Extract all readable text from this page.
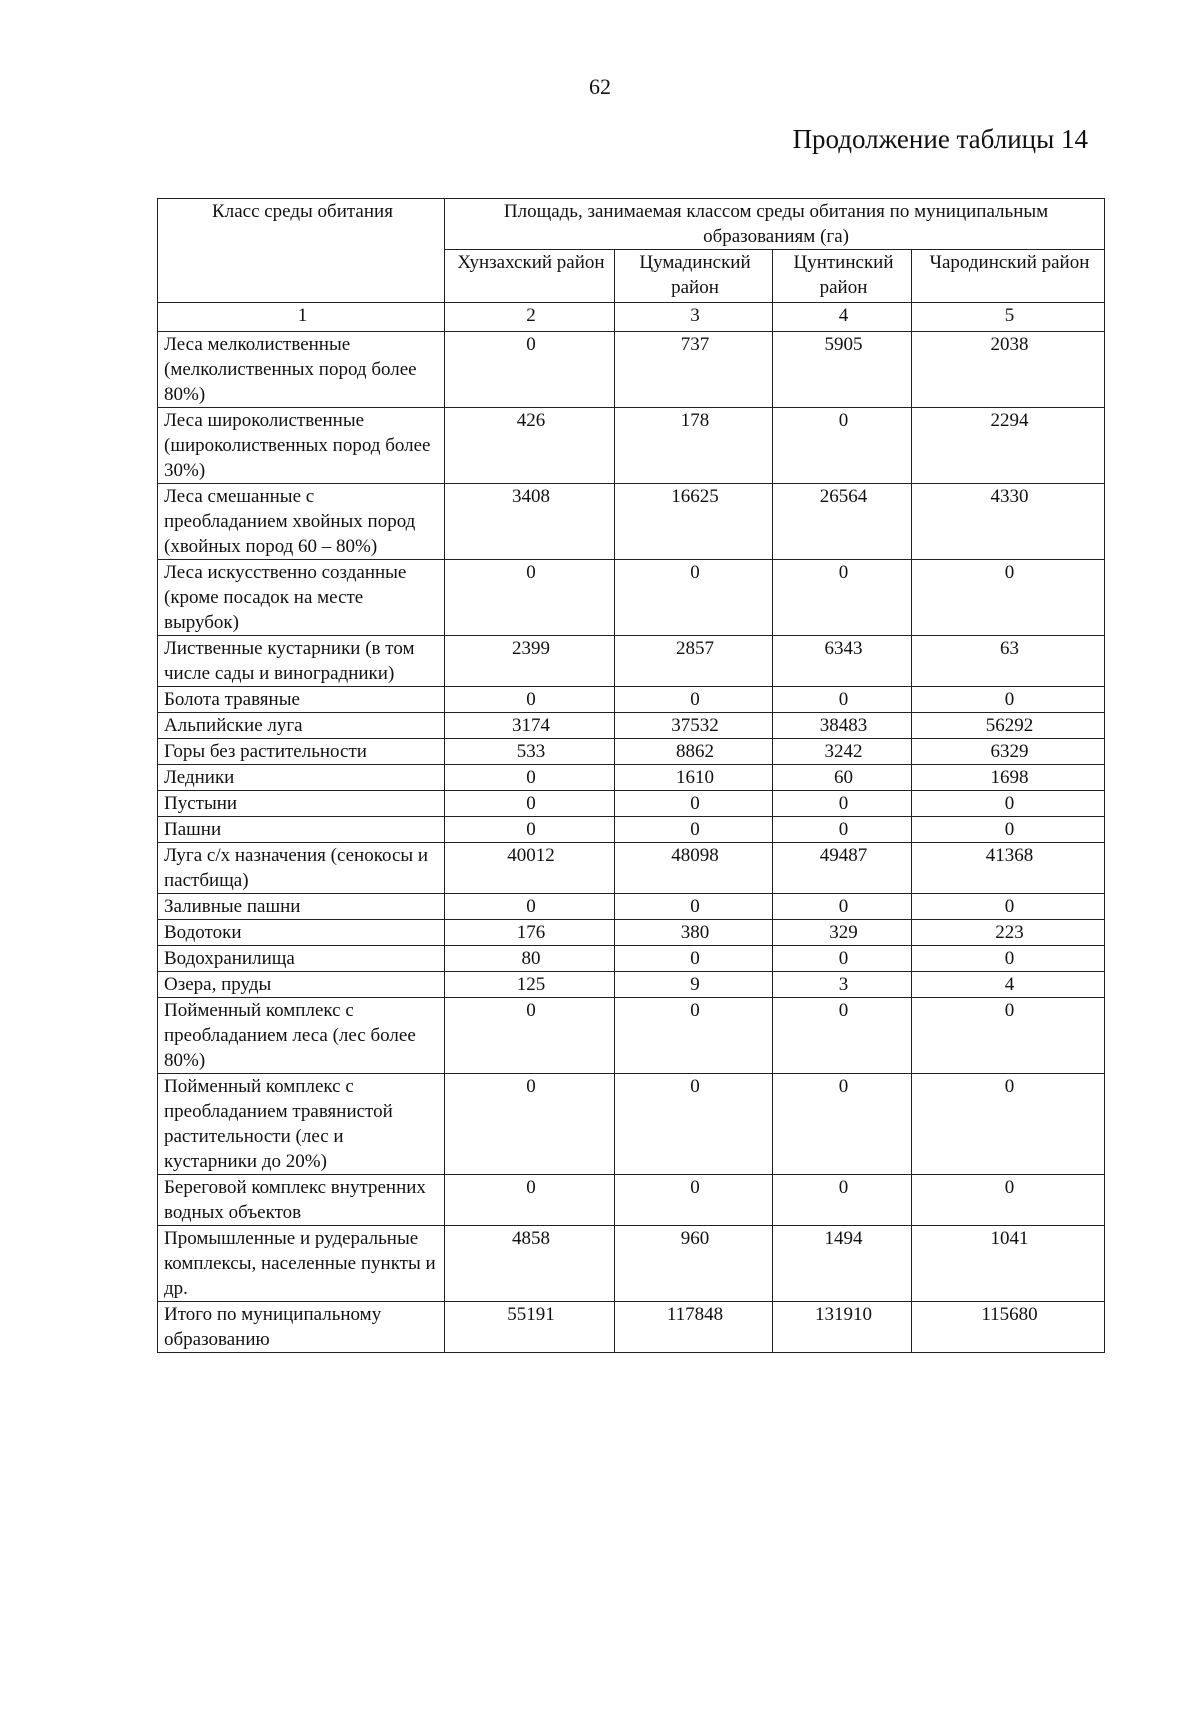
62
Продолжение таблицы 14
Класс среды обитания	Площадь, занимаемая классом среды обитания по муниципальным образованиям (га)			
	Хунзахский район	Цумадинский район	Цунтинский район	Чародинский район
1	2	3	4	5
Леса мелколиственные (мелколиственных пород более 80%)	0	737	5905	2038
Леса широколиственные (широколиственных пород более 30%)	426	178	0	2294
Леса смешанные с преобладанием хвойных пород (хвойных пород 60 – 80%)	3408	16625	26564	4330
Леса искусственно созданные (кроме посадок на месте вырубок)	0	0	0	0
Лиственные кустарники (в том числе сады и виноградники)	2399	2857	6343	63
Болота травяные	0	0	0	0
Альпийские луга	3174	37532	38483	56292
Горы без растительности	533	8862	3242	6329
Ледники	0	1610	60	1698
Пустыни	0	0	0	0
Пашни	0	0	0	0
Луга с/х назначения (сенокосы и пастбища)	40012	48098	49487	41368
Заливные пашни	0	0	0	0
Водотоки	176	380	329	223
Водохранилища	80	0	0	0
Озера, пруды	125	9	3	4
Пойменный комплекс с преобладанием леса (лес более 80%)	0	0	0	0
Пойменный комплекс с преобладанием травянистой растительности (лес и кустарники до 20%)	0	0	0	0
Береговой комплекс внутренних водных объектов	0	0	0	0
Промышленные и рудеральные комплексы, населенные пункты и др.	4858	960	1494	1041
Итого по муниципальному образованию	55191	117848	131910	115680
